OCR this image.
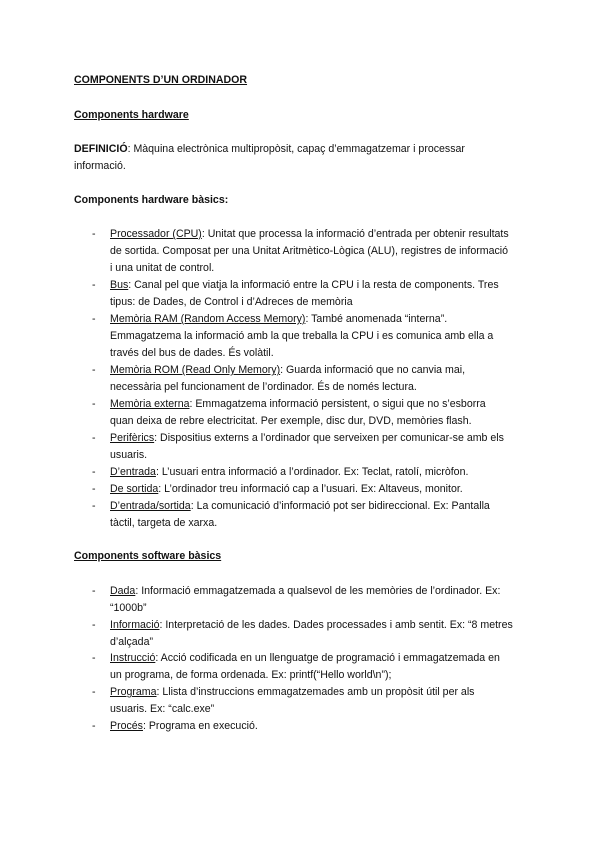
COMPONENTS D’UN ORDINADOR
Components hardware
DEFINICIÓ: Màquina electrònica multipropòsit, capaç d’emmagatzemar i processar
informació.
Components hardware bàsics:
- Processador (CPU): Unitat que processa la informació d’entrada per obtenir resultats
de sortida. Composat per una Unitat Aritmètico-Lògica (ALU), registres de informació
i una unitat de control.
- Bus: Canal pel que viatja la informació entre la CPU i la resta de components. Tres
tipus: de Dades, de Control i d’Adreces de memòria
- Memòria RAM (Random Access Memory): També anomenada “interna”.
Emmagatzema la informació amb la que treballa la CPU i es comunica amb ella a
través del bus de dades. És volàtil.
- Memòria ROM (Read Only Memory): Guarda informació que no canvia mai,
necessària pel funcionament de l’ordinador. És de només lectura.
- Memòria externa: Emmagatzema informació persistent, o sigui que no s’esborra
quan deixa de rebre electricitat. Per exemple, disc dur, DVD, memòries flash.
- Perifèrics: Dispositius externs a l’ordinador que serveixen per comunicar-se amb els
usuaris.
- D’entrada: L’usuari entra informació a l’ordinador. Ex: Teclat, ratolí, micròfon.
- De sortida: L’ordinador treu informació cap a l’usuari. Ex: Altaveus, monitor.
- D’entrada/sortida: La comunicació d’informació pot ser bidireccional. Ex: Pantalla
tàctil, targeta de xarxa.
Components software bàsics
- Dada: Informació emmagatzemada a qualsevol de les memòries de l’ordinador. Ex:
“1000b”
- Informació: Interpretació de les dades. Dades processades i amb sentit. Ex: “8 metres
d’alçada”
- Instrucció: Acció codificada en un llenguatge de programació i emmagatzemada en
un programa, de forma ordenada. Ex: printf(“Hello world\n”);
- Programa: Llista d’instruccions emmagatzemades amb un propòsit útil per als
usuaris. Ex: “calc.exe”
- Procés: Programa en execució.
